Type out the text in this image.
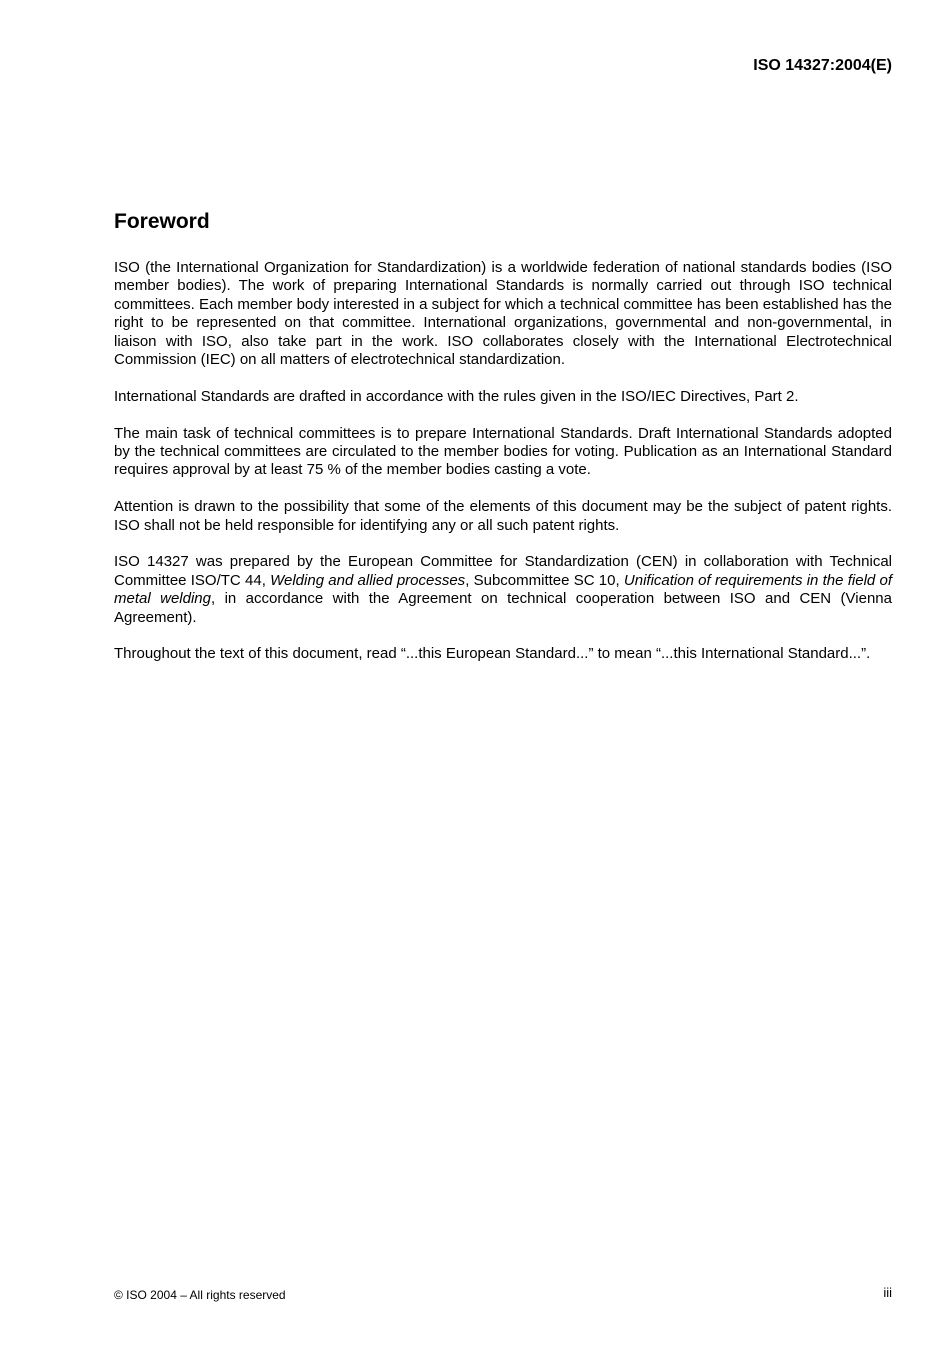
ISO 14327:2004(E)
Foreword

ISO (the International Organization for Standardization) is a worldwide federation of national standards bodies (ISO member bodies). The work of preparing International Standards is normally carried out through ISO technical committees. Each member body interested in a subject for which a technical committee has been established has the right to be represented on that committee. International organizations, governmental and non-governmental, in liaison with ISO, also take part in the work. ISO collaborates closely with the International Electrotechnical Commission (IEC) on all matters of electrotechnical standardization.

International Standards are drafted in accordance with the rules given in the ISO/IEC Directives, Part 2.

The main task of technical committees is to prepare International Standards. Draft International Standards adopted by the technical committees are circulated to the member bodies for voting. Publication as an International Standard requires approval by at least 75 % of the member bodies casting a vote.

Attention is drawn to the possibility that some of the elements of this document may be the subject of patent rights. ISO shall not be held responsible for identifying any or all such patent rights.

ISO 14327 was prepared by the European Committee for Standardization (CEN) in collaboration with Technical Committee ISO/TC 44, Welding and allied processes, Subcommittee SC 10, Unification of requirements in the field of metal welding, in accordance with the Agreement on technical cooperation between ISO and CEN (Vienna Agreement).

Throughout the text of this document, read “...this European Standard...” to mean “...this International Standard...”.

© ISO 2004 – All rights reserved	iii
